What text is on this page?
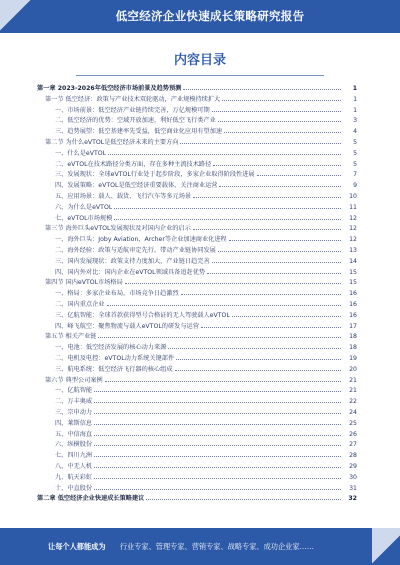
低空经济企业快速成长策略研究报告
内容目录
第一章 2023-2026年低空经济市场前景及趋势预测	1
第一节 低空经济：政策与产业技术双轮驱动，产业规模持续扩大	1
一、市场前景：低空经济产业链持续完善，万亿规模可期	1
二、低空经济的优势：空域开放加速，利好低空飞行类产业	3
三、趋势展望：低空基建率先受益，低空商业化应用有望加速	4
第二节 为什么eVTOL是低空经济未来的主要方向	5
一、什么是eVTOL	5
二、eVTOL在技术路径分类方面，存在多种主流技术路径	5
三、发展现状：全球eVTOL行业处于起步阶段，多家企业取得阶段性进展	7
四、发展策略：eVTOL是低空经济重要载体，关注商业运营	9
五、应用场景：载人、载货、飞行汽车等多元场景	10
六、为什么是eVTOL	11
七、eVTOL市场规模	12
第三节 海外巨头eVTOL发展现状及对国内企业的启示	12
一、海外巨头：Joby Aviation、Archer等企业加速商业化进程	12
二、海外经验：政策与适航审定先行，带动产业链协同发展	13
三、国内发展现状：政策支持力度加大，产业链日趋完善	14
四、国内外对比：国内企业在eVTOL领域具备追赶优势	15
第四节 国内eVTOL市场格局	15
一、格局：多家企业布局，市场竞争日趋激烈	16
二、国内重点企业	16
三、亿航智能：全球首款获得型号合格证的无人驾驶载人eVTOL	16
四、峰飞航空：聚焦物流与载人eVTOL的研发与运营	17
第五节 相关产业链	18
一、电池：低空经济发展的核心动力来源	18
二、电机及电控：eVTOL动力系统关键部件	19
三、航电系统：低空经济飞行器的核心组成	20
第六节 典型公司案例	21
一、亿航智能	21
二、万丰奥威	22
三、宗申动力	24
四、莱斯信息	25
五、中信海直	26
六、纵横股份	27
七、四川九洲	28
八、中无人机	29
九、航天彩虹	30
十、中直股份	31
第二章 低空经济企业快速成长策略建议	32
让每个人都能成为 行业专家、管理专家、营销专家、战略专家、成功企业家……
